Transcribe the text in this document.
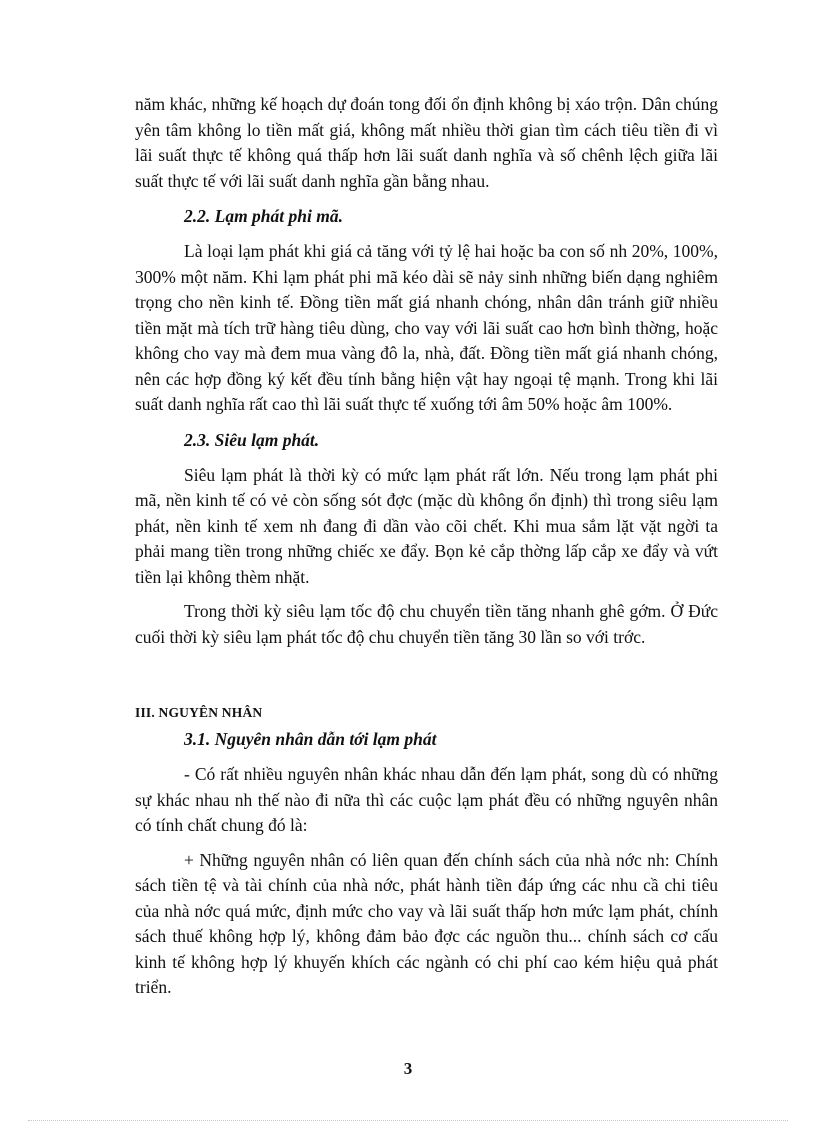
năm khác, những kế hoạch dự đoán tong đối ổn định không bị xáo trộn. Dân chúng yên tâm không lo tiền mất giá, không mất nhiều thời gian tìm cách tiêu tiền đi vì lãi suất thực tế không quá thấp hơn lãi suất danh nghĩa và số chênh lệch giữa lãi suất thực tế với lãi suất danh nghĩa gần bằng nhau.

2.2. Lạm phát phi mã.

Là loại lạm phát khi giá cả tăng với tỷ lệ hai hoặc ba con số nh 20%, 100%, 300% một năm. Khi lạm phát phi mã kéo dài sẽ nảy sinh những biến dạng nghiêm trọng cho nền kinh tế. Đồng tiền mất giá nhanh chóng, nhân dân tránh giữ nhiều tiền mặt mà tích trữ hàng tiêu dùng, cho vay với lãi suất cao hơn bình thờng, hoặc không cho vay mà đem mua vàng đô la, nhà, đất. Đồng tiền mất giá nhanh chóng, nên các hợp đồng ký kết đều tính bằng hiện vật hay ngoại tệ mạnh. Trong khi lãi suất danh nghĩa rất cao thì lãi suất thực tế xuống tới âm 50% hoặc âm 100%.

2.3. Siêu lạm phát.

Siêu lạm phát là thời kỳ có mức lạm phát rất lớn. Nếu trong lạm phát phi mã, nền kinh tế có vẻ còn sống sót đợc (mặc dù không ổn định) thì trong siêu lạm phát, nền kinh tế xem nh đang đi dần vào cõi chết. Khi mua sắm lặt vặt ngời ta phải mang tiền trong những chiếc xe đẩy. Bọn kẻ cắp thờng lấp cắp xe đẩy và vứt tiền lại không thèm nhặt.

Trong thời kỳ siêu lạm tốc độ chu chuyển tiền tăng nhanh ghê gớm. Ở Đức cuối thời kỳ siêu lạm phát tốc độ chu chuyển tiền tăng 30 lần so với trớc.

III. NGUYÊN NHÂN
3.1. Nguyên nhân dẫn tới lạm phát

- Có rất nhiều nguyên nhân khác nhau dẫn đến lạm phát, song dù có những sự khác nhau nh thế nào đi nữa thì các cuộc lạm phát đều có những nguyên nhân có tính chất chung đó là:

+ Những nguyên nhân có liên quan đến chính sách của nhà nớc nh: Chính sách tiền tệ và tài chính của nhà nớc, phát hành tiền đáp ứng các nhu cầ chi tiêu của nhà nớc quá mức, định mức cho vay và lãi suất thấp hơn mức lạm phát, chính sách thuế không hợp lý, không đảm bảo đợc các nguồn thu... chính sách cơ cấu kinh tế không hợp lý khuyến khích các ngành có chi phí cao kém hiệu quả phát triển.

3
